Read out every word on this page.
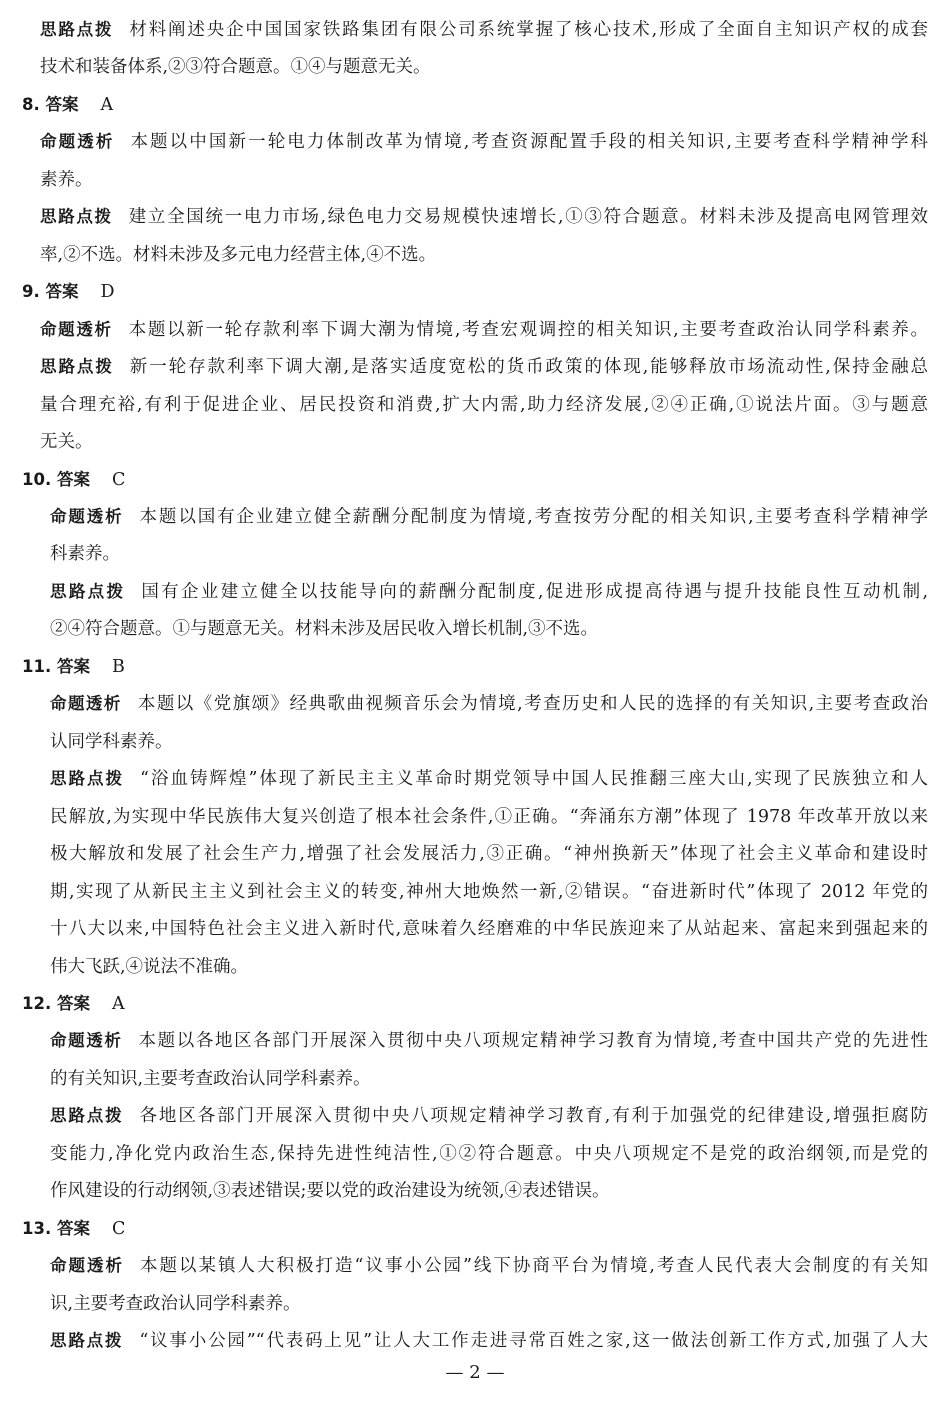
思路点拨 材料阐述央企中国国家铁路集团有限公司系统掌握了核心技术,形成了全面自主知识产权的成套
技术和装备体系,②③符合题意。①④与题意无关。
8. 答案 A
命题透析 本题以中国新一轮电力体制改革为情境,考查资源配置手段的相关知识,主要考查科学精神学科
素养。
思路点拨 建立全国统一电力市场,绿色电力交易规模快速增长,①③符合题意。材料未涉及提高电网管理效
率,②不选。材料未涉及多元电力经营主体,④不选。
9. 答案 D
命题透析 本题以新一轮存款利率下调大潮为情境,考查宏观调控的相关知识,主要考查政治认同学科素养。
思路点拨 新一轮存款利率下调大潮,是落实适度宽松的货币政策的体现,能够释放市场流动性,保持金融总
量合理充裕,有利于促进企业、居民投资和消费,扩大内需,助力经济发展,②④正确,①说法片面。③与题意
无关。
10. 答案 C
命题透析 本题以国有企业建立健全薪酬分配制度为情境,考查按劳分配的相关知识,主要考查科学精神学
科素养。
思路点拨 国有企业建立健全以技能导向的薪酬分配制度,促进形成提高待遇与提升技能良性互动机制,
②④符合题意。①与题意无关。材料未涉及居民收入增长机制,③不选。
11. 答案 B
命题透析 本题以《党旗颂》经典歌曲视频音乐会为情境,考查历史和人民的选择的有关知识,主要考查政治
认同学科素养。
思路点拨 “浴血铸辉煌”体现了新民主主义革命时期党领导中国人民推翻三座大山,实现了民族独立和人
民解放,为实现中华民族伟大复兴创造了根本社会条件,①正确。“奔涌东方潮”体现了 1978 年改革开放以来
极大解放和发展了社会生产力,增强了社会发展活力,③正确。“神州换新天”体现了社会主义革命和建设时
期,实现了从新民主主义到社会主义的转变,神州大地焕然一新,②错误。“奋进新时代”体现了 2012 年党的
十八大以来,中国特色社会主义进入新时代,意味着久经磨难的中华民族迎来了从站起来、富起来到强起来的
伟大飞跃,④说法不准确。
12. 答案 A
命题透析 本题以各地区各部门开展深入贯彻中央八项规定精神学习教育为情境,考查中国共产党的先进性
的有关知识,主要考查政治认同学科素养。
思路点拨 各地区各部门开展深入贯彻中央八项规定精神学习教育,有利于加强党的纪律建设,增强拒腐防
变能力,净化党内政治生态,保持先进性纯洁性,①②符合题意。中央八项规定不是党的政治纲领,而是党的
作风建设的行动纲领,③表述错误;要以党的政治建设为统领,④表述错误。
13. 答案 C
命题透析 本题以某镇人大积极打造“议事小公园”线下协商平台为情境,考查人民代表大会制度的有关知
识,主要考查政治认同学科素养。
思路点拨 “议事小公园”“代表码上见”让人大工作走进寻常百姓之家,这一做法创新工作方式,加强了人大
— 2 —
